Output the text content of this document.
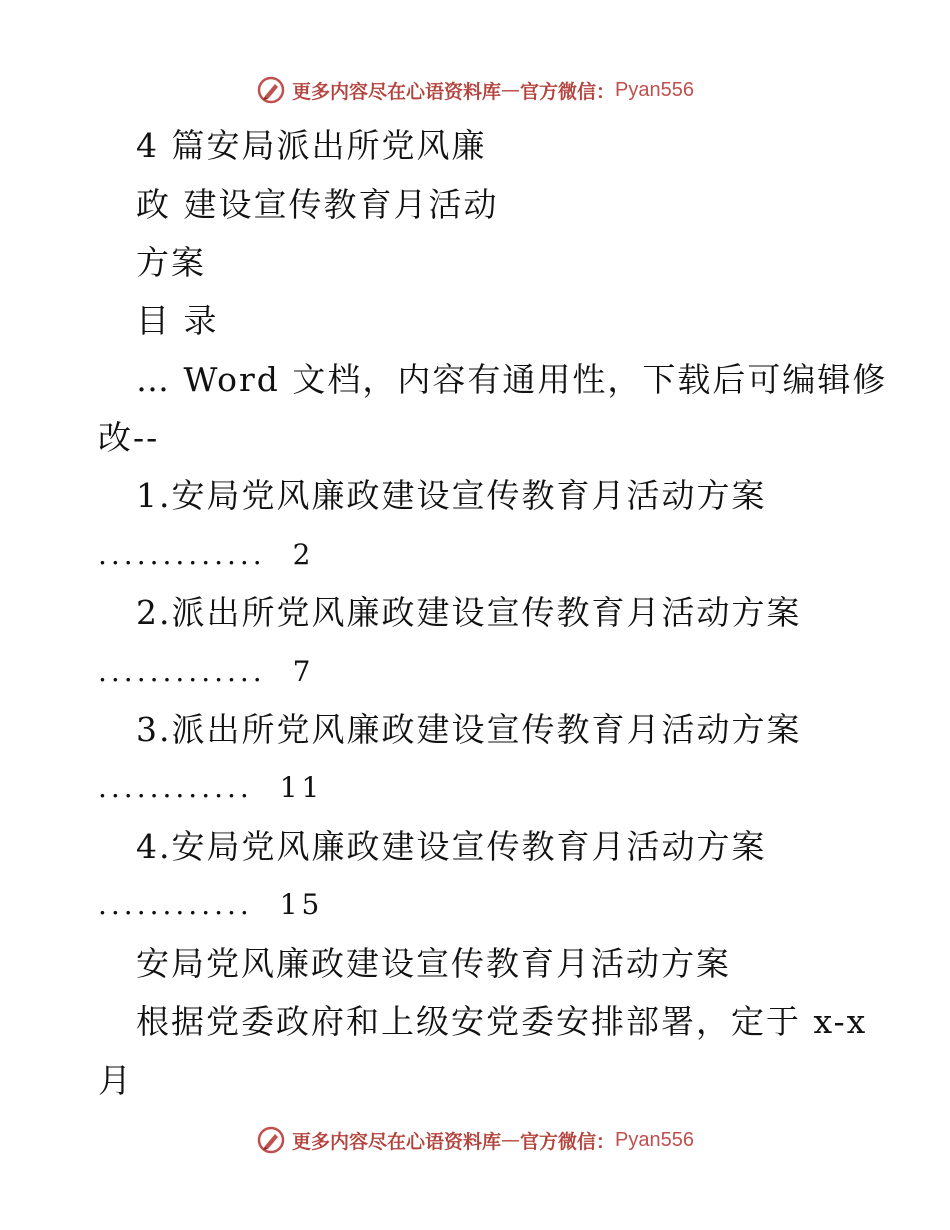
更多内容尽在心语资料库 — 官方微信： Pyan556
4 篇安局派出所党风廉
政 建设宣传教育月活动
方案
目 录
… Word 文档，内容有通用性，下载后可编辑修
改--
1.安局党风廉政建设宣传教育月活动方案
............. 2
2.派出所党风廉政建设宣传教育月活动方案
............. 7
3.派出所党风廉政建设宣传教育月活动方案
............ 11
4.安局党风廉政建设宣传教育月活动方案
............ 15
安局党风廉政建设宣传教育月活动方案
根据党委政府和上级安党委安排部署，定于 x-x
月
更多内容尽在心语资料库 — 官方微信： Pyan556
